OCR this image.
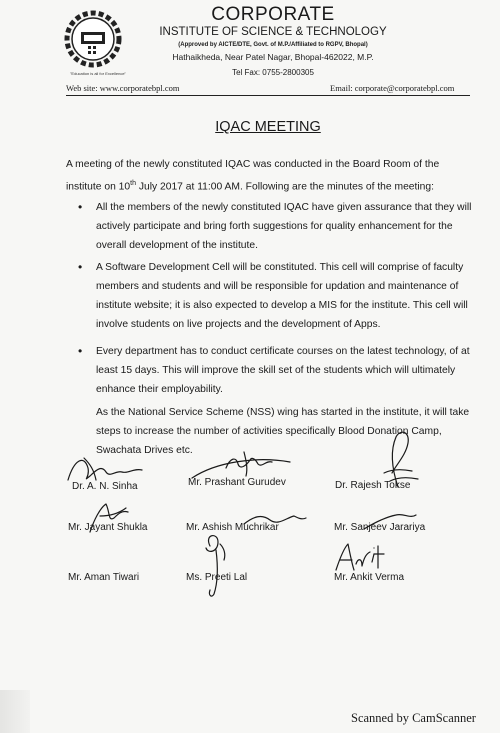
"Education is all for Excellence"
CORPORATE
INSTITUTE OF SCIENCE & TECHNOLOGY
(Approved by AICTE/DTE, Govt. of M.P./Affiliated to RGPV, Bhopal)
Hathaikheda, Near Patel Nagar, Bhopal-462022, M.P.
Tel Fax: 0755-2800305
Web site: www.corporatebpl.com	Email: corporate@corporatebpl.com
IQAC MEETING
A meeting of the newly constituted IQAC was conducted in the Board Room of the
institute on 10th July 2017 at 11:00 AM. Following are the minutes of the meeting:
• All the members of the newly constituted IQAC have given assurance that they will
actively participate and bring forth suggestions for quality enhancement for the
overall development of the institute.
• A Software Development Cell will be constituted. This cell will comprise of faculty
members and students and will be responsible for updation and maintenance of
institute website; it is also expected to develop a MIS for the institute. This cell will
involve students on live projects and the development of Apps.
• Every department has to conduct certificate courses on the latest technology, of at
least 15 days. This will improve the skill set of the students which will ultimately
enhance their employability.
As the National Service Scheme (NSS) wing has started in the institute, it will take
steps to increase the number of activities specifically Blood Donation Camp,
Swachata Drives etc.
Dr. A. N. Sinha	Mr. Prashant Gurudev	Dr. Rajesh Tokse
Mr. Jayant Shukla	Mr. Ashish Muchrikar	Mr. Sanjeev Jarariya
Mr. Aman Tiwari	Ms. Preeti Lal	Mr. Ankit Verma
Scanned by CamScanner
